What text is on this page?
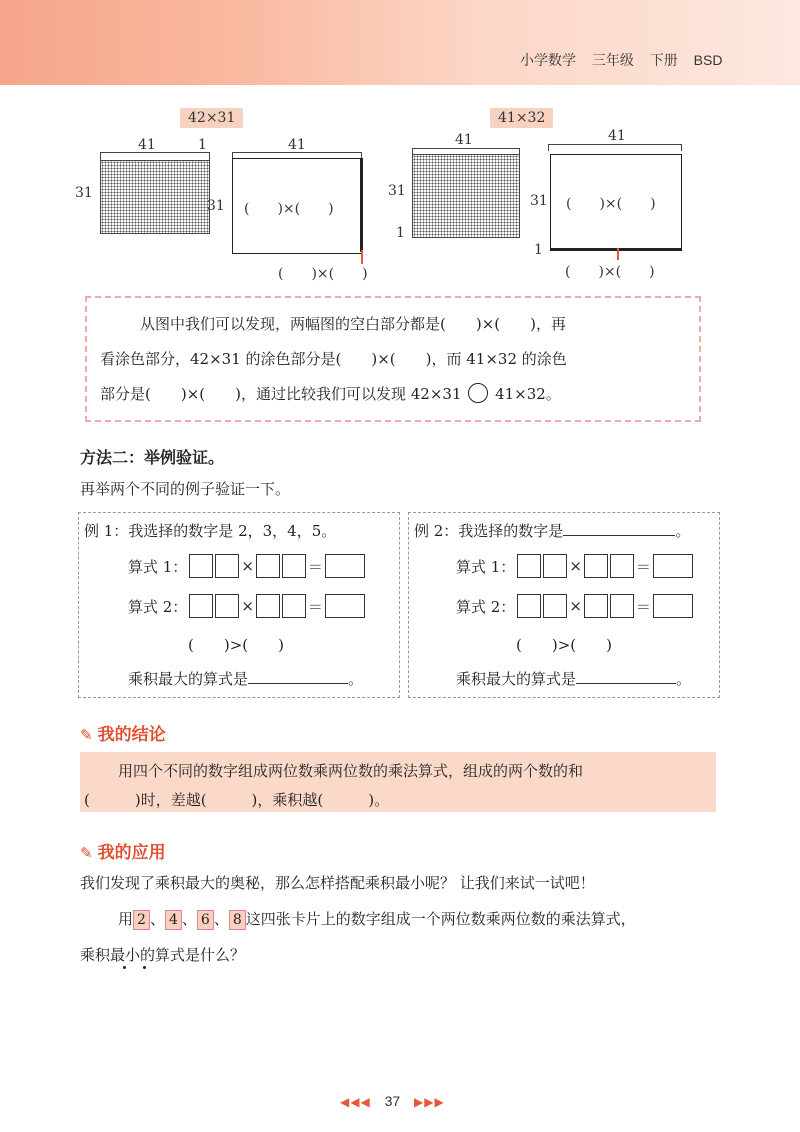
小学数学 三年级 下册 BSD
42×31
41	1
31
41
31 (　　)×(　　)
(　　)×(　　)
41×32
41
31
1
41
31
1
(　　)×(　　)
(　　)×(　　)
从图中我们可以发现，两幅图的空白部分都是(　　)×(　　)，再
看涂色部分，42×31 的涂色部分是(　　)×(　　)，而 41×32 的涂色
部分是(　　)×(　　)，通过比较我们可以发现 42×31 41×32。
方法二：举例验证。
再举两个不同的例子验证一下。
例 1：我选择的数字是 2，3，4，5。
算式 1：	×	＝
算式 2：	×	＝
(　　)>(　　)
乘积最大的算式是	。
例 2：我选择的数字是	。
算式 1：	×	＝
算式 2：	×	＝
(　　)>(　　)
乘积最大的算式是	。
✎ 我的结论
用四个不同的数字组成两位数乘两位数的乘法算式，组成的两个数的和
(　　　)时，差越(　　　)，乘积越(　　　)。
✎ 我的应用
我们发现了乘积最大的奥秘，那么怎样搭配乘积最小呢？ 让我们来试一试吧！
用 2 、 4 、 6 、 8 这四张卡片上的数字组成一个两位数乘两位数的乘法算式，
乘积最小的算式是什么？
◀◀◀ 37 ▶▶▶
